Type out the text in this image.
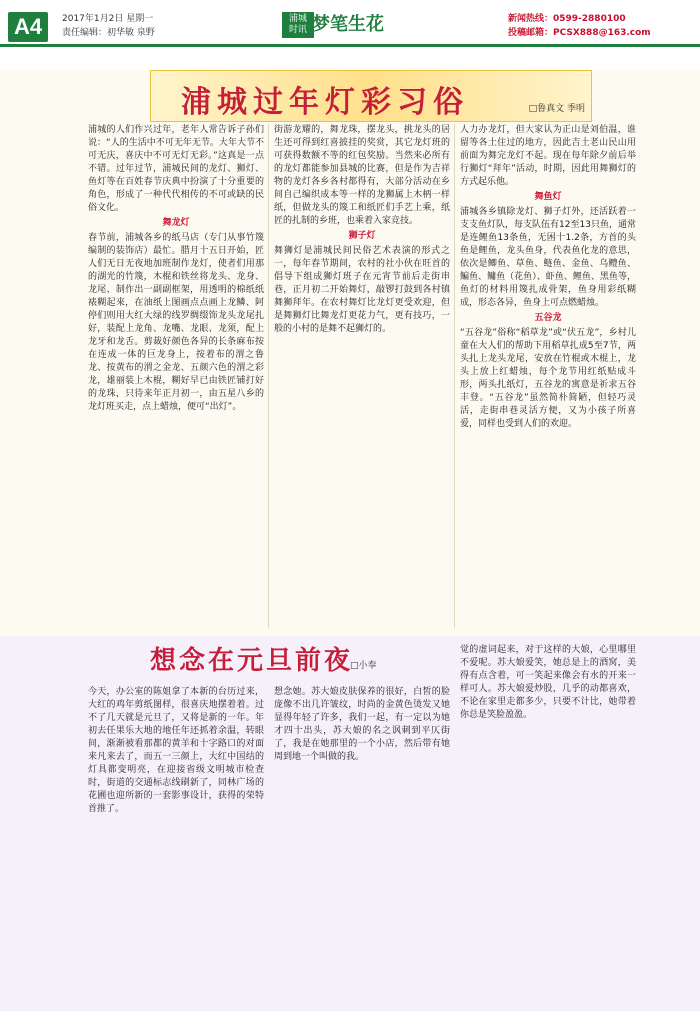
A4	2017年1月2日 星期一
责任编辑：初华敏 泉野
浦城时讯 梦笔生花	新闻热线：0599-2880100
投稿邮箱：PCSX888@163.com
浦城过年灯彩习俗	□鲁真文 季明
浦城的人们作兴过年，老年人常告诉子孙们说：“人的生活中不可无年无节。大年大节不可无庆，喜庆中不可无灯无彩。”这真是一点不错。过年过节，浦城民间的龙灯、狮灯、鱼灯等在百姓春节庆典中扮演了十分重要的角色，形成了一种代代相传的不可或缺的民俗文化。
舞龙灯
春节前，浦城各乡的纸马店（专门从事竹篾编制的装饰店）最忙。腊月十五日开始，匠人们无日无夜地加班制作龙灯，使者们用那的湖光的竹篾，木棍和铁丝将龙头、龙身、龙尾、制作出一副副框架，用透明的棉纸纸裱糊起來，在油纸上图画点点画上龙鳞、阿停们则用大红大绿的线罗绸缀饰龙头龙尾扎好，装配上龙角、龙嘴、龙眼、龙须，配上龙牙和龙舌。剪裁好颜色各异的长条麻布按在连成一体的巨龙身上，按着布的渭之鲁龙、按黄布的渭之金龙、五颜六色的渭之彩龙，雄丽装上木棍，糊好早已由铁匠铺打好的龙珠，只待来年正月初一，由五星八乡的龙灯班买走，点上蜡烛，便可“出灯”。
街游龙耀的，舞龙珠，摆龙头，挑龙头的居生还可得到红喜披挂的奖赏，其它龙灯班的可获得数额不等的红包奖励。当然来必所有的龙灯都能参加县城的比赛，但是作为吉祥物的龙灯各乡各村都得有，大部分活动在乡间自己编织成本等一样的龙狮属上木柄一样纸，但做龙头的篾工和纸匠们手艺上乘，纸匠的扎制的乡班，也乘着入家竞技。
狮子灯
舞狮灯是浦城民间民俗艺术表演的形式之一，每年春节期间，农村的社小伙在旺首的倡导下组成狮灯班子在元宵节前后走街串巷，正月初二开始舞灯，敲锣打鼓到各村镇舞狮拜年。在农村舞灯比龙灯更受欢迎，但是舞狮灯比舞龙灯更花力气，更有技巧，一般的小村的是舞不起狮灯的。
人力办龙灯，但大家认为正山是刘伯温，谁留等各土住过的地方，因此吉土老山民山用前面为舞完龙灯不起。现在每年除夕前后举行狮灯“拜年”活动，时期，因此用舞狮灯的方式起乐他。
舞鱼灯
浦城各乡镇除龙灯、狮子灯外，还活跃着一支支鱼灯队，每支队伍有12至13只鱼，通常是连鲤鱼13条鱼，无困十1.2条，方首的头鱼是鲤鱼，龙头鱼身，代表鱼化龙的意思，依次是鲫鱼、草鱼、鲢鱼、金鱼、乌鳢鱼、鳊鱼、鳙鱼（花鱼）、虾鱼、鲤鱼、黑鱼等，鱼灯的材料用篾扎成骨架，鱼身用彩纸糊成，形态各异，鱼身上可点燃蜡烛。
五谷龙
“五谷龙”俗称“稻草龙”或“伏五龙”，乡村儿童在大人们的帮助下用稻草扎成5至7节，两头扎上龙头龙尾，安放在竹棍或木棍上，龙头上放上红蜡烛，每个龙节用红纸贴成斗形，两头扎纸灯，五谷龙的寓意是祈求五谷丰登。“五谷龙”虽然简朴简陋，但轻巧灵活，走街串巷灵活方便，又为小孩子所喜爱，同样也受到人们的欢迎。
想念在元旦前夜
□小奉
今天，办公室的陈姐拿了本新的台历过来，大红的鸡年剪纸图样，很喜庆地摆着着。过不了几天就是元旦了，又将是新的一年。年初去任果乐大地的地任年还抓着余温，转眼间，渐渐被看那都的黄羊和十字路口的对面来凡来去了，而五一三颜上，大红中国结的灯具都变明亮，在迎接省级文明城市检查时，街道的交通标志线刷新了，同林广场的花圃也迎所新的一套影事设计，获得的荣特首推了。
想念她。苏大娘皮肤保养的很好，白皙的脸庞像不出几许皱纹，时尚的金黄色烫发又她显得年轻了许多，我们一起，有一定以为她才四十出头，苏大娘的名之讽刺到平仄街了，我是在她那里的一个小店，然后带有她周到地一个叫做的我。
觉的虚词起来，对于这样的大娘，心里哪里不爱呢。苏大娘爱笑，她总是上的酒窝，美得有点含着，可一笑起来像会有水的开来一样可人。苏大娘爱炒股，几乎的动都喜欢，不论在家里走都多少，只要不计比，她带着你总是笑脸盈盈。
